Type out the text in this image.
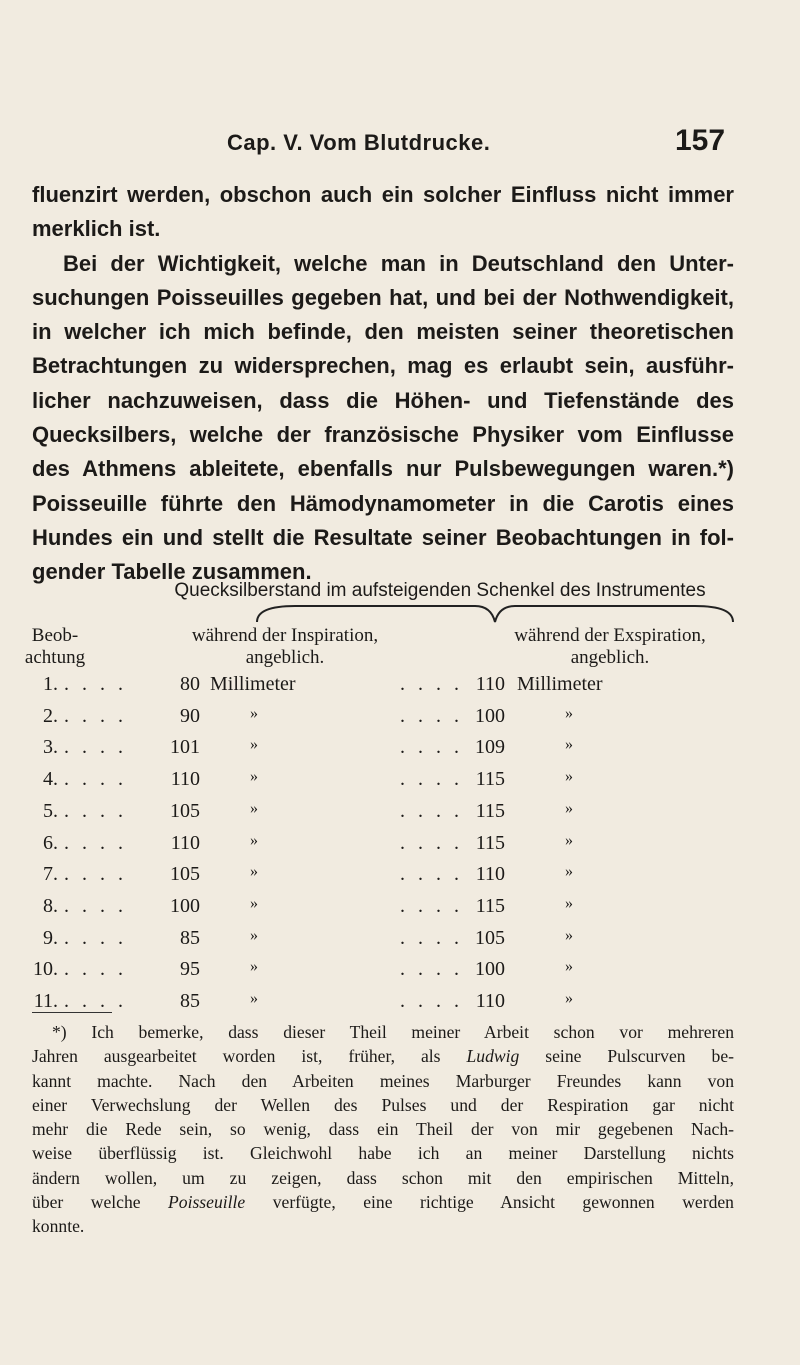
Cap. V. Vom Blutdrucke.	157
fluenzirt werden, obschon auch ein solcher Einfluss nicht immer
merklich ist.
Bei der Wichtigkeit, welche man in Deutschland den Unter-
suchungen Poisseuilles gegeben hat, und bei der Nothwendigkeit,
in welcher ich mich befinde, den meisten seiner theoretischen
Betrachtungen zu widersprechen, mag es erlaubt sein, ausführ-
licher nachzuweisen, dass die Höhen- und Tiefenstände des
Quecksilbers, welche der französische Physiker vom Einflusse
des Athmens ableitete, ebenfalls nur Pulsbewegungen waren.*)
Poisseuille führte den Hämodynamometer in die Carotis eines
Hundes ein und stellt die Resultate seiner Beobachtungen in fol-
gender Tabelle zusammen.
Quecksilberstand im aufsteigenden Schenkel des Instrumentes
Beob-
achtung
während der Inspiration,
angeblich.
während der Exspiration,
angeblich.
1. . . . .	80 Millimeter	. . . . 110 Millimeter
2. . . . .	90	»	. . . . 100	»
3. . . . .	101	»	. . . . 109	»
4. . . . .	110	»	. . . . 115	»
5. . . . .	105	»	. . . . 115	»
6. . . . .	110	»	. . . . 115	»
7. . . . .	105	»	. . . . 110	»
8. . . . .	100	»	. . . . 115	»
9. . . . .	85	»	. . . . 105	»
10. . . . .	95	»	. . . . 100	»
11. . . . .	85	»	. . . . 110	»
*) Ich bemerke, dass dieser Theil meiner Arbeit schon vor mehreren
Jahren ausgearbeitet worden ist, früher, als Ludwig seine Pulscurven be-
kannt machte. Nach den Arbeiten meines Marburger Freundes kann von
einer Verwechslung der Wellen des Pulses und der Respiration gar nicht
mehr die Rede sein, so wenig, dass ein Theil der von mir gegebenen Nach-
weise überflüssig ist. Gleichwohl habe ich an meiner Darstellung nichts
ändern wollen, um zu zeigen, dass schon mit den empirischen Mitteln,
über welche Poisseuille verfügte, eine richtige Ansicht gewonnen werden
konnte.
